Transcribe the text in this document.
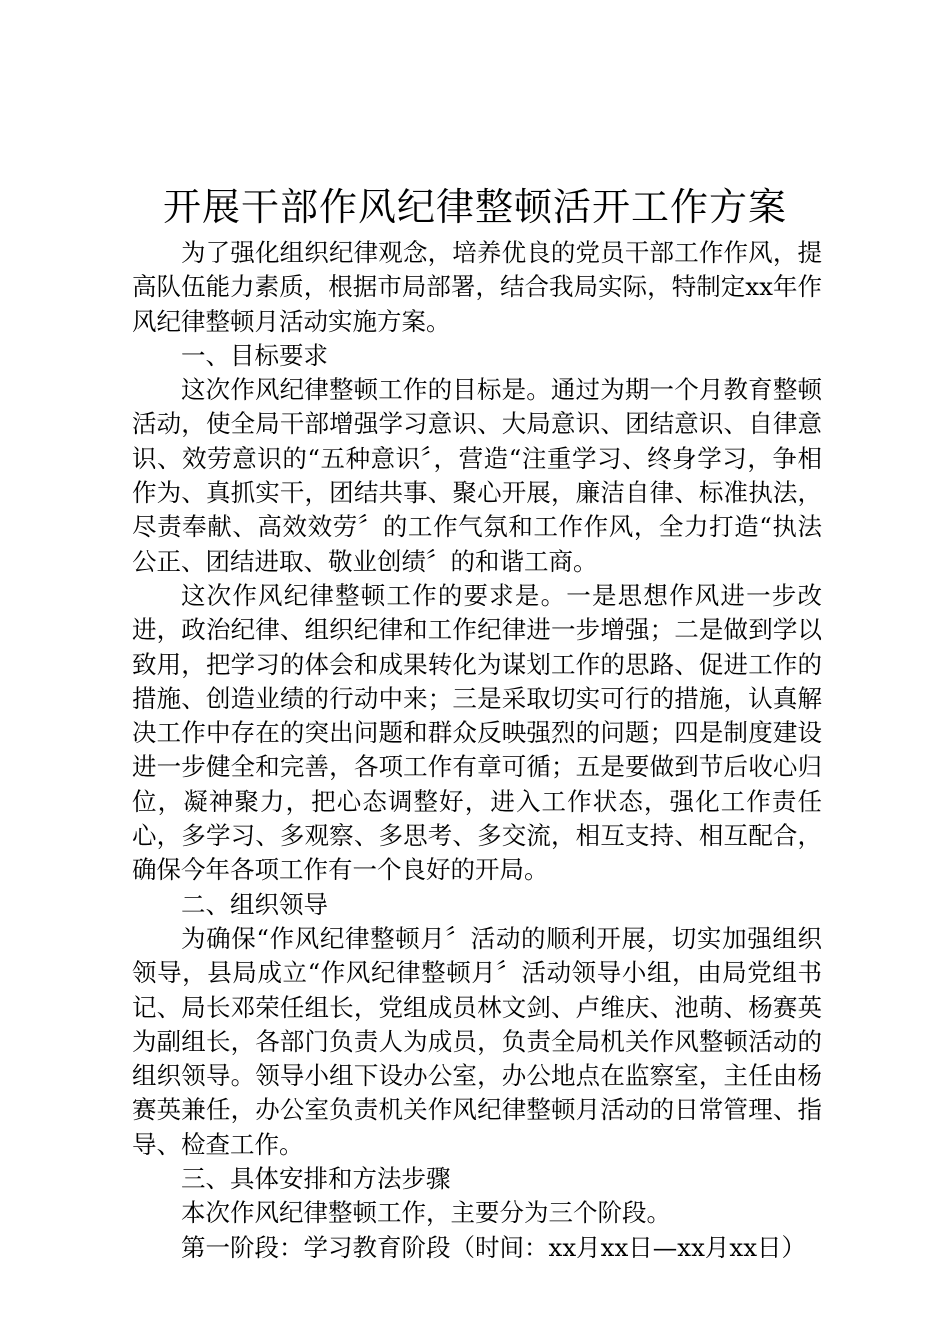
开展干部作风纪律整顿活开工作方案

为了强化组织纪律观念，培养优良的党员干部工作作风，提高队伍能力素质，根据市局部署，结合我局实际，特制定xx年作风纪律整顿月活动实施方案。

一、目标要求

这次作风纪律整顿工作的目标是。通过为期一个月教育整顿活动，使全局干部增强学习意识、大局意识、团结意识、自律意识、效劳意识的“五种意识〞，营造“注重学习、终身学习，争相作为、真抓实干，团结共事、聚心开展，廉洁自律、标准执法，尽责奉献、高效效劳〞的工作气氛和工作作风，全力打造“执法公正、团结进取、敬业创绩〞的和谐工商。

这次作风纪律整顿工作的要求是。一是思想作风进一步改进，政治纪律、组织纪律和工作纪律进一步增强；二是做到学以致用，把学习的体会和成果转化为谋划工作的思路、促进工作的措施、创造业绩的行动中来；三是采取切实可行的措施，认真解决工作中存在的突出问题和群众反映强烈的问题；四是制度建设进一步健全和完善，各项工作有章可循；五是要做到节后收心归位，凝神聚力，把心态调整好，进入工作状态，强化工作责任心，多学习、多观察、多思考、多交流，相互支持、相互配合，确保今年各项工作有一个良好的开局。

二、组织领导

为确保“作风纪律整顿月〞活动的顺利开展，切实加强组织领导，县局成立“作风纪律整顿月〞活动领导小组，由局党组书记、局长邓荣任组长，党组成员林文剑、卢维庆、池萌、杨赛英为副组长，各部门负责人为成员，负责全局机关作风整顿活动的组织领导。领导小组下设办公室，办公地点在监察室，主任由杨赛英兼任，办公室负责机关作风纪律整顿月活动的日常管理、指导、检查工作。

三、具体安排和方法步骤

本次作风纪律整顿工作，主要分为三个阶段。

第一阶段：学习教育阶段（时间：xx月xx日—xx月xx日）
